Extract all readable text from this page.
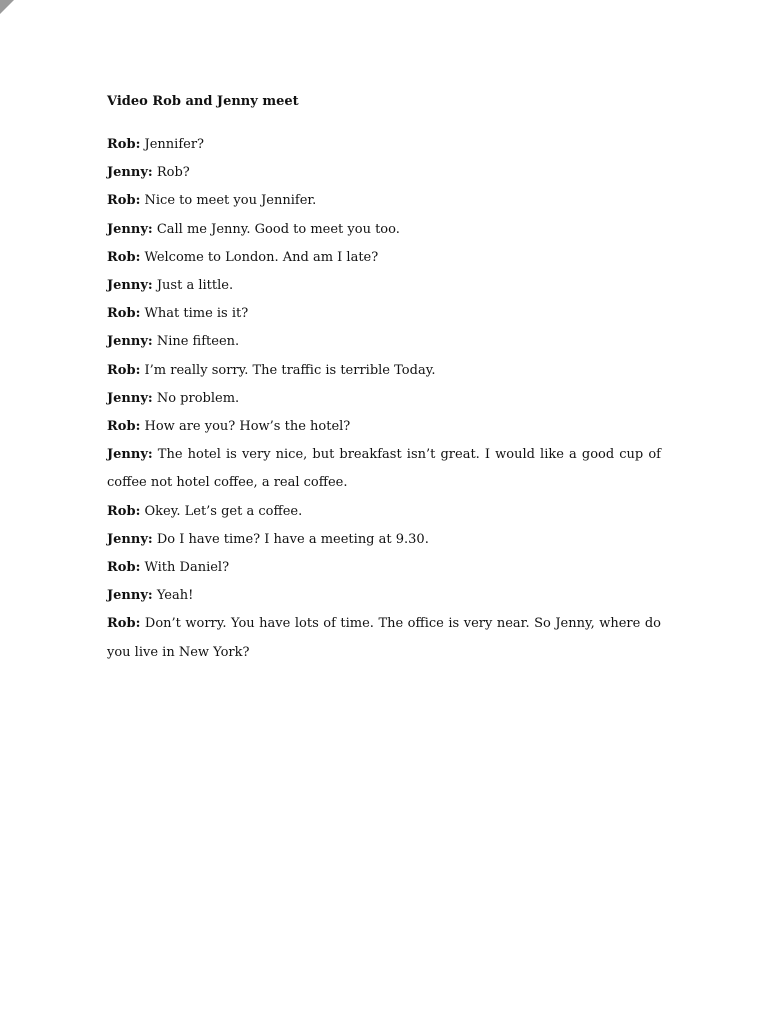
Video Rob and Jenny meet

Rob: Jennifer?

Jenny: Rob?

Rob: Nice to meet you Jennifer.

Jenny: Call me Jenny. Good to meet you too.

Rob: Welcome to London. And am I late?

Jenny: Just a little.

Rob: What time is it?

Jenny: Nine fifteen.

Rob: I’m really sorry. The traffic is terrible Today.

Jenny: No problem.

Rob: How are you? How’s the hotel?

Jenny: The hotel is very nice, but breakfast isn’t great. I would like a good cup of coffee not hotel coffee, a real coffee.

Rob: Okey. Let’s get a coffee.

Jenny: Do I have time? I have a meeting at 9.30.

Rob: With Daniel?

Jenny: Yeah!

Rob: Don’t worry. You have lots of time. The office is very near. So Jenny, where do you live in New York?
